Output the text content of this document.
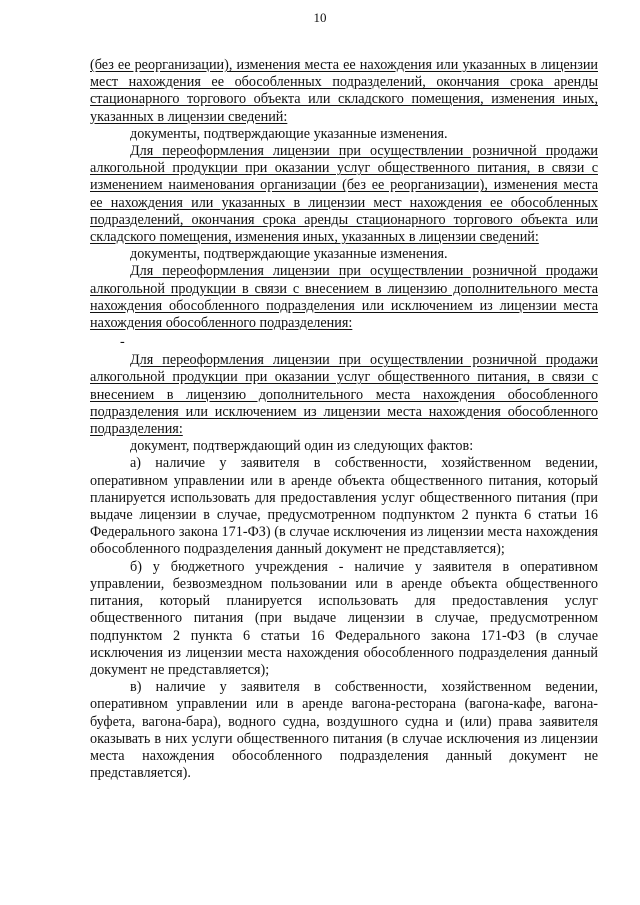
10

(без ее реорганизации), изменения места ее нахождения или указанных в лицензии мест нахождения ее обособленных подразделений, окончания срока аренды стационарного торгового объекта или складского помещения, изменения иных, указанных в лицензии сведений:

документы, подтверждающие указанные изменения.

Для переоформления лицензии при осуществлении розничной продажи алкогольной продукции при оказании услуг общественного питания, в связи с изменением наименования организации (без ее реорганизации), изменения места ее нахождения или указанных в лицензии мест нахождения ее обособленных подразделений, окончания срока аренды стационарного торгового объекта или складского помещения, изменения иных, указанных в лицензии сведений:

документы, подтверждающие указанные изменения.

Для переоформления лицензии при осуществлении розничной продажи алкогольной продукции в связи с внесением в лицензию дополнительного места нахождения обособленного подразделения или исключением из лицензии места нахождения обособленного подразделения:

-

Для переоформления лицензии при осуществлении розничной продажи алкогольной продукции при оказании услуг общественного питания, в связи с внесением в лицензию дополнительного места нахождения обособленного подразделения или исключением из лицензии места нахождения обособленного подразделения:

документ, подтверждающий один из следующих фактов:

а) наличие у заявителя в собственности, хозяйственном ведении, оперативном управлении или в аренде объекта общественного питания, который планируется использовать для предоставления услуг общественного питания (при выдаче лицензии в случае, предусмотренном подпунктом 2 пункта 6 статьи 16 Федерального закона 171-ФЗ) (в случае исключения из лицензии места нахождения обособленного подразделения данный документ не представляется);

б) у бюджетного учреждения - наличие у заявителя в оперативном управлении, безвозмездном пользовании или в аренде объекта общественного питания, который планируется использовать для предоставления услуг общественного питания (при выдаче лицензии в случае, предусмотренном подпунктом 2 пункта 6 статьи 16 Федерального закона 171-ФЗ (в случае исключения из лицензии места нахождения обособленного подразделения данный документ не представляется);

в) наличие у заявителя в собственности, хозяйственном ведении, оперативном управлении или в аренде вагона-ресторана (вагона-кафе, вагона-буфета, вагона-бара), водного судна, воздушного судна и (или) права заявителя оказывать в них услуги общественного питания (в случае исключения из лицензии места нахождения обособленного подразделения данный документ не представляется).
